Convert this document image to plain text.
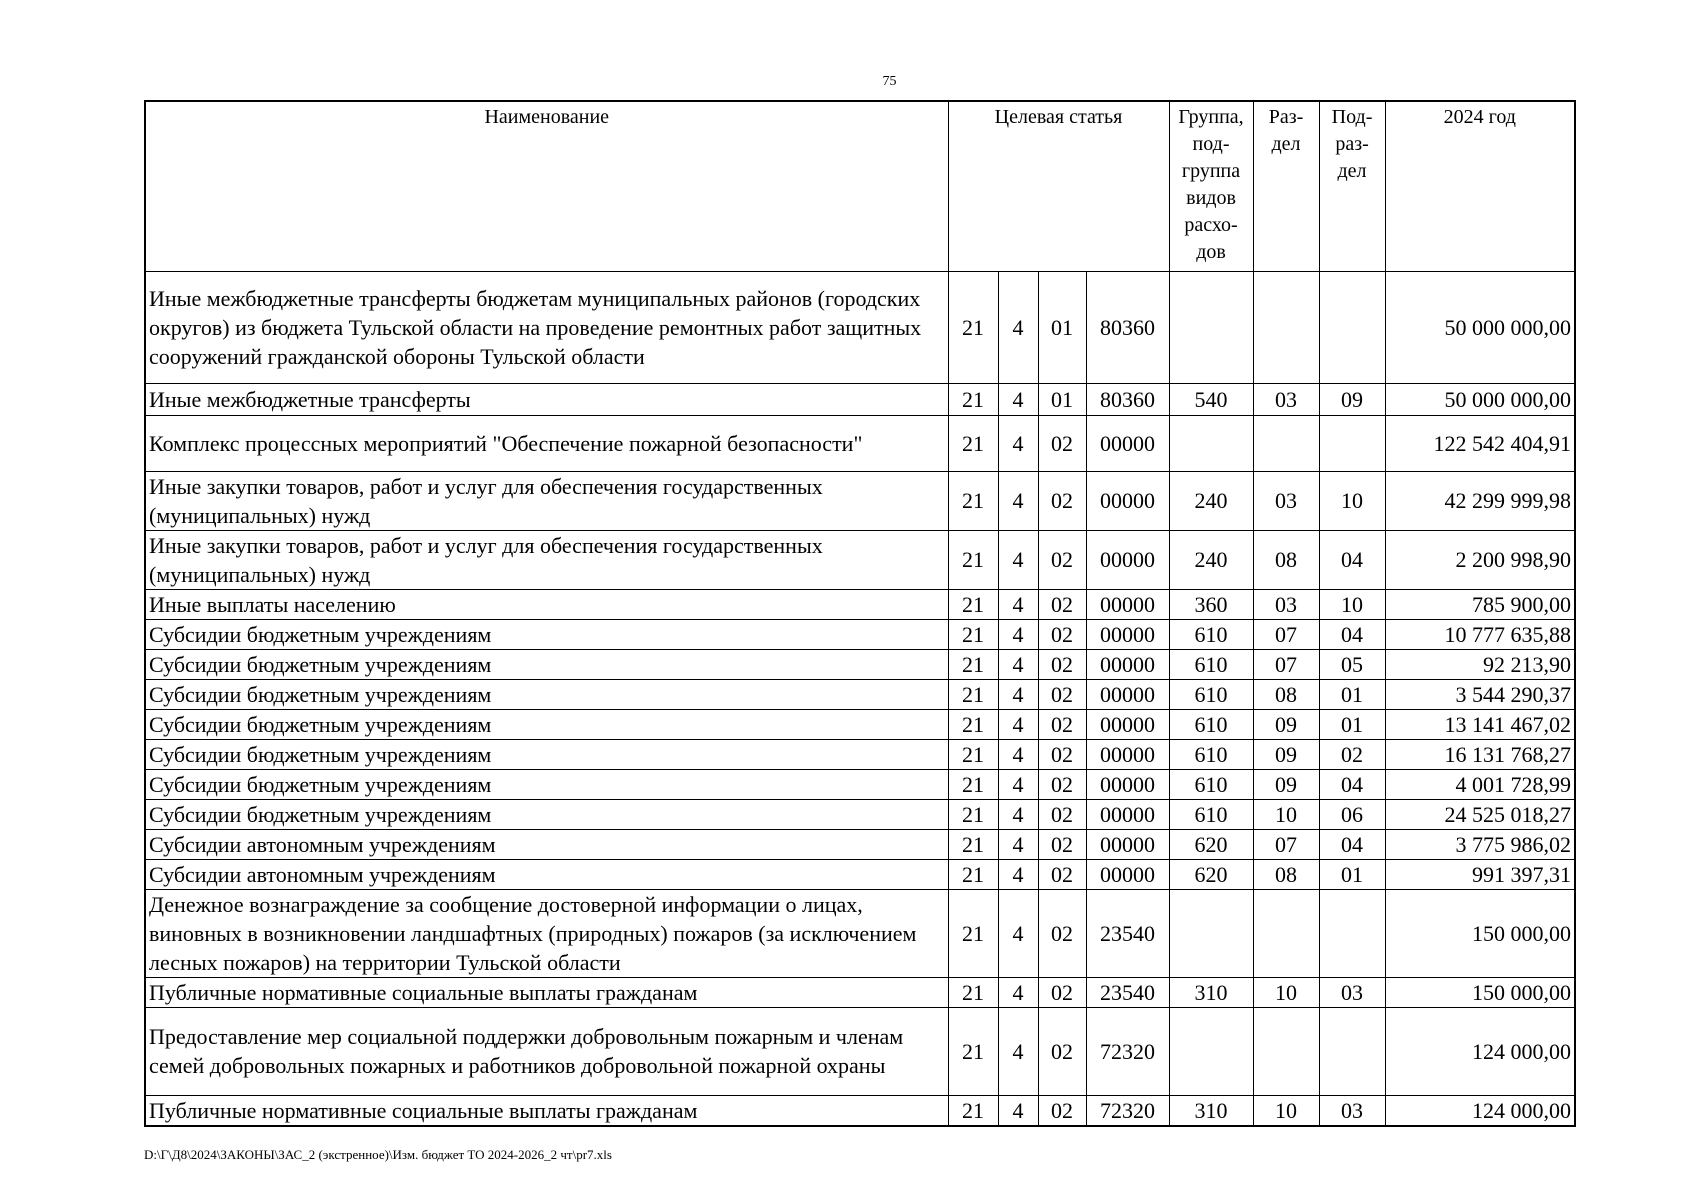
75
Наименование	Целевая статья				Группа, под-группа видов расхо-дов	Раз-дел	Под-раз-дел	2024 год
Иные межбюджетные трансферты бюджетам муниципальных районов (городских округов) из бюджета Тульской области на проведение ремонтных работ защитных сооружений гражданской обороны Тульской области	21	4	01	80360				50 000 000,00
Иные межбюджетные трансферты	21	4	01	80360	540	03	09	50 000 000,00
Комплекс процессных мероприятий "Обеспечение пожарной безопасности"	21	4	02	00000				122 542 404,91
Иные закупки товаров, работ и услуг для обеспечения государственных (муниципальных) нужд	21	4	02	00000	240	03	10	42 299 999,98
Иные закупки товаров, работ и услуг для обеспечения государственных (муниципальных) нужд	21	4	02	00000	240	08	04	2 200 998,90
Иные выплаты населению	21	4	02	00000	360	03	10	785 900,00
Субсидии бюджетным учреждениям	21	4	02	00000	610	07	04	10 777 635,88
Субсидии бюджетным учреждениям	21	4	02	00000	610	07	05	92 213,90
Субсидии бюджетным учреждениям	21	4	02	00000	610	08	01	3 544 290,37
Субсидии бюджетным учреждениям	21	4	02	00000	610	09	01	13 141 467,02
Субсидии бюджетным учреждениям	21	4	02	00000	610	09	02	16 131 768,27
Субсидии бюджетным учреждениям	21	4	02	00000	610	09	04	4 001 728,99
Субсидии бюджетным учреждениям	21	4	02	00000	610	10	06	24 525 018,27
Субсидии автономным учреждениям	21	4	02	00000	620	07	04	3 775 986,02
Субсидии автономным учреждениям	21	4	02	00000	620	08	01	991 397,31
Денежное вознаграждение за сообщение достоверной информации о лицах, виновных в возникновении ландшафтных (природных) пожаров (за исключением лесных пожаров) на территории Тульской области	21	4	02	23540				150 000,00
Публичные нормативные социальные выплаты гражданам	21	4	02	23540	310	10	03	150 000,00
Предоставление мер социальной поддержки добровольным пожарным и членам семей добровольных пожарных и работников добровольной пожарной охраны	21	4	02	72320				124 000,00
Публичные нормативные социальные выплаты гражданам	21	4	02	72320	310	10	03	124 000,00
D:\Г\Д8\2024\ЗАКОНЫ\ЗАС_2 (экстренное)\Изм. бюджет ТО 2024-2026_2 чт\pr7.xls
